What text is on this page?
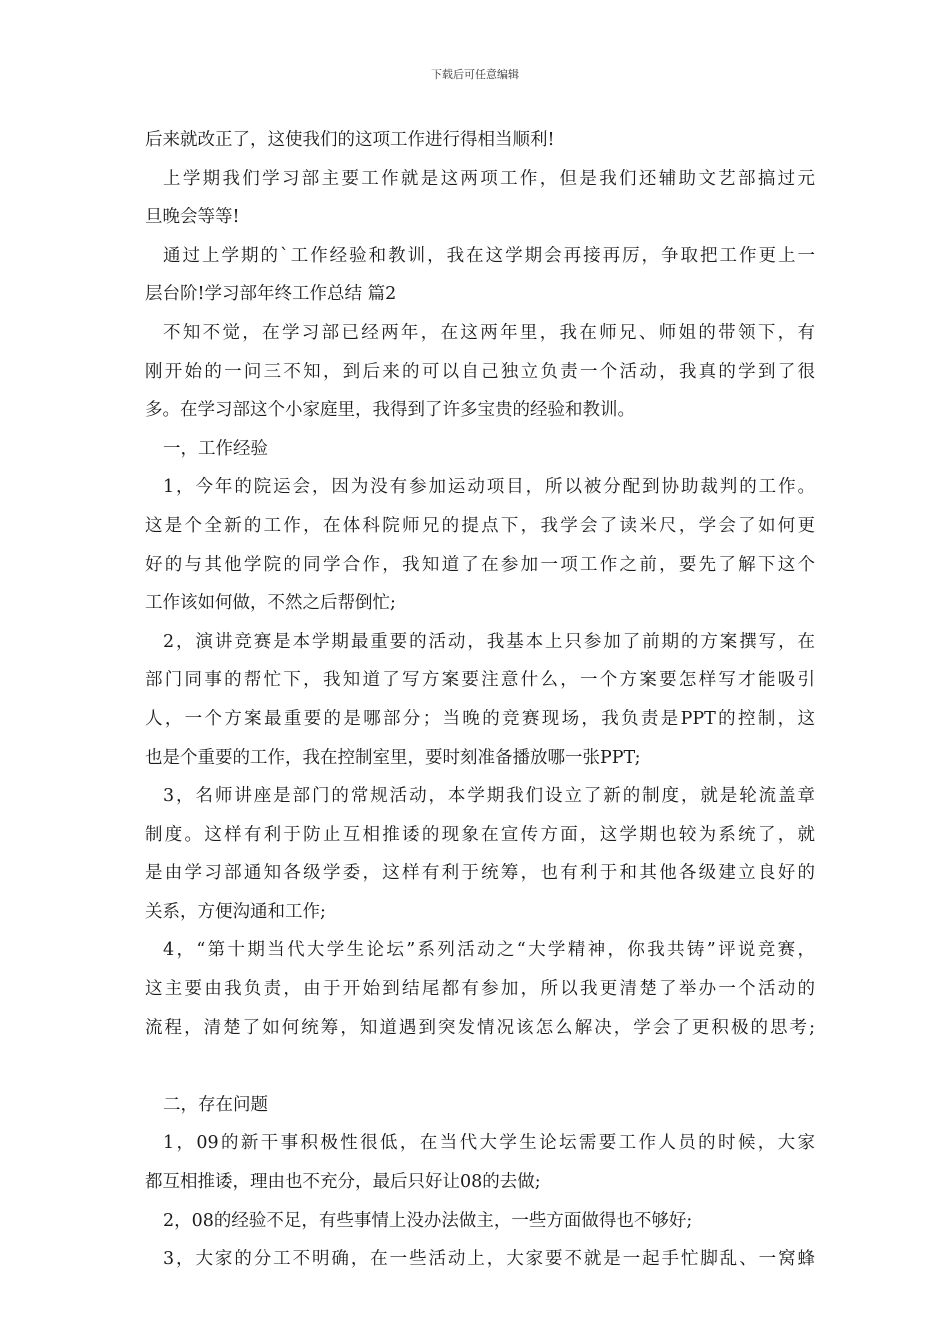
下载后可任意编辑
后来就改正了，这使我们的这项工作进行得相当顺利!
上学期我们学习部主要工作就是这两项工作，但是我们还辅助文艺部搞过元
旦晚会等等!
通过上学期的`工作经验和教训，我在这学期会再接再厉，争取把工作更上一
层台阶!学习部年终工作总结 篇2
不知不觉，在学习部已经两年，在这两年里，我在师兄、师姐的带领下，有
刚开始的一问三不知，到后来的可以自己独立负责一个活动，我真的学到了很
多。在学习部这个小家庭里，我得到了许多宝贵的经验和教训。
一，工作经验
1，今年的院运会，因为没有参加运动项目，所以被分配到协助裁判的工作。
这是个全新的工作，在体科院师兄的提点下，我学会了读米尺，学会了如何更
好的与其他学院的同学合作，我知道了在参加一项工作之前，要先了解下这个
工作该如何做，不然之后帮倒忙;
2，演讲竞赛是本学期最重要的活动，我基本上只参加了前期的方案撰写，在
部门同事的帮忙下，我知道了写方案要注意什么，一个方案要怎样写才能吸引
人，一个方案最重要的是哪部分；当晚的竞赛现场，我负责是PPT的控制，这
也是个重要的工作，我在控制室里，要时刻准备播放哪一张PPT;
3，名师讲座是部门的常规活动，本学期我们设立了新的制度，就是轮流盖章
制度。这样有利于防止互相推诿的现象在宣传方面，这学期也较为系统了，就
是由学习部通知各级学委，这样有利于统筹，也有利于和其他各级建立良好的
关系，方便沟通和工作;
4，“第十期当代大学生论坛”系列活动之“大学精神，你我共铸”评说竞赛，
这主要由我负责，由于开始到结尾都有参加，所以我更清楚了举办一个活动的
流程，清楚了如何统筹，知道遇到突发情况该怎么解决，学会了更积极的思考;
二，存在问题
1，09的新干事积极性很低，在当代大学生论坛需要工作人员的时候，大家
都互相推诿，理由也不充分，最后只好让08的去做;
2，08的经验不足，有些事情上没办法做主，一些方面做得也不够好;
3，大家的分工不明确，在一些活动上，大家要不就是一起手忙脚乱、一窝蜂
